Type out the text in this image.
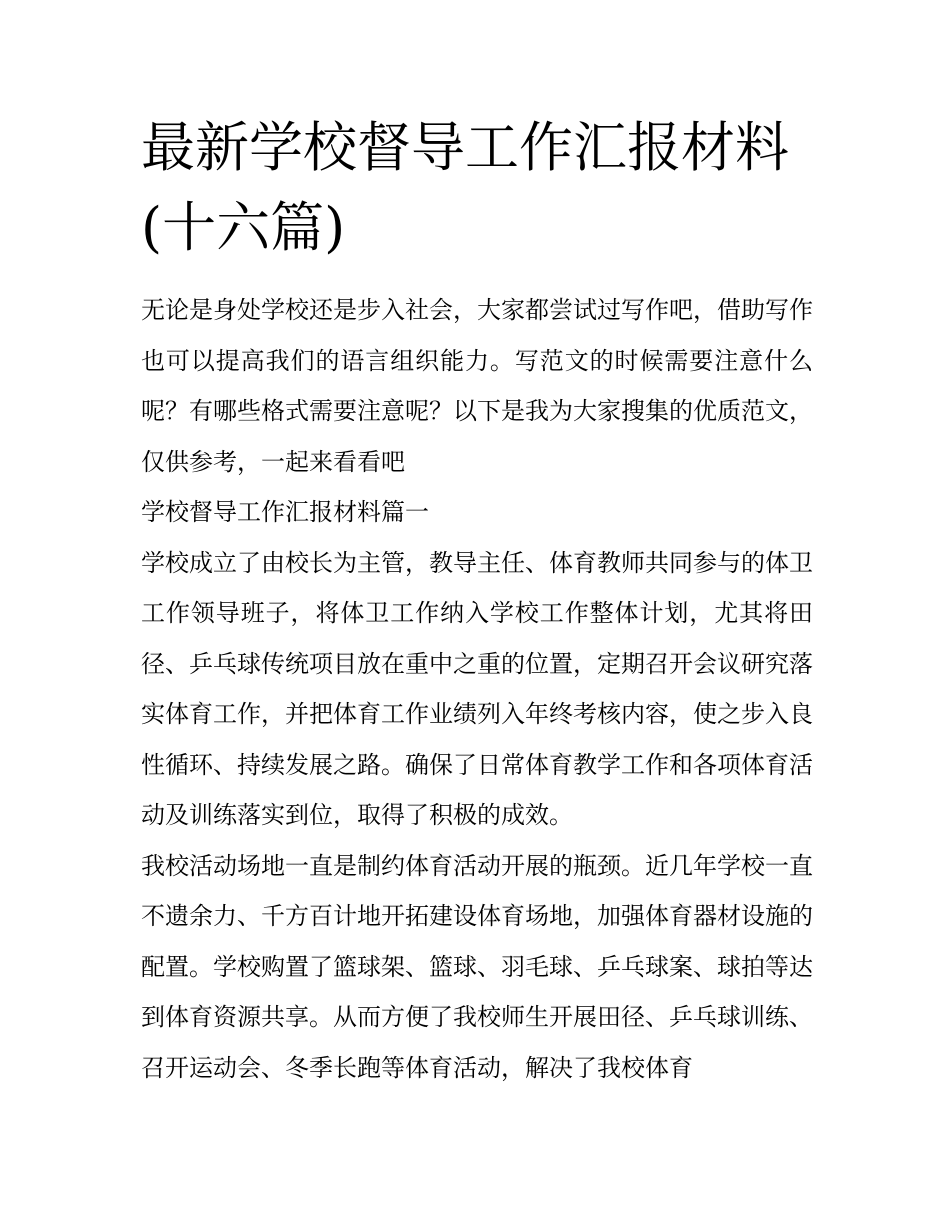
最新学校督导工作汇报材料(十六篇)

无论是身处学校还是步入社会，大家都尝试过写作吧，借助写作也可以提高我们的语言组织能力。写范文的时候需要注意什么呢？有哪些格式需要注意呢？以下是我为大家搜集的优质范文，仅供参考，一起来看看吧

学校督导工作汇报材料篇一

学校成立了由校长为主管，教导主任、体育教师共同参与的体卫工作领导班子，将体卫工作纳入学校工作整体计划，尤其将田径、乒乓球传统项目放在重中之重的位置，定期召开会议研究落实体育工作，并把体育工作业绩列入年终考核内容，使之步入良性循环、持续发展之路。确保了日常体育教学工作和各项体育活动及训练落实到位，取得了积极的成效。

我校活动场地一直是制约体育活动开展的瓶颈。近几年学校一直不遗余力、千方百计地开拓建设体育场地，加强体育器材设施的配置。学校购置了篮球架、篮球、羽毛球、乒乓球案、球拍等达到体育资源共享。从而方便了我校师生开展田径、乒乓球训练、召开运动会、冬季长跑等体育活动，解决了我校体育
